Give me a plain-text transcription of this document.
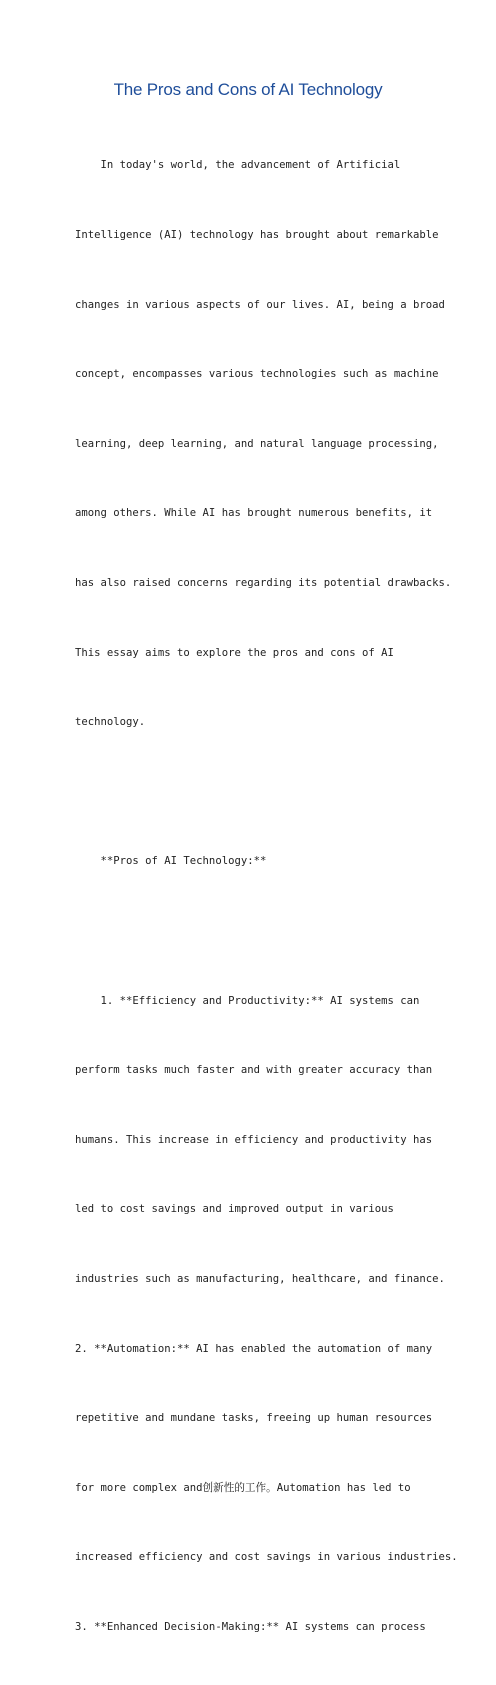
The Pros and Cons of AI Technology

In today's world, the advancement of Artificial

Intelligence (AI) technology has brought about remarkable

changes in various aspects of our lives. AI, being a broad

concept, encompasses various technologies such as machine

learning, deep learning, and natural language processing,

among others. While AI has brought numerous benefits, it

has also raised concerns regarding its potential drawbacks.

This essay aims to explore the pros and cons of AI

technology.

**Pros of AI Technology:**

1. **Efficiency and Productivity:** AI systems can

perform tasks much faster and with greater accuracy than

humans. This increase in efficiency and productivity has

led to cost savings and improved output in various

industries such as manufacturing, healthcare, and finance.

2. **Automation:** AI has enabled the automation of many

repetitive and mundane tasks, freeing up human resources

for more complex and创新性的工作。Automation has led to

increased efficiency and cost savings in various industries.

3. **Enhanced Decision-Making:** AI systems can process
